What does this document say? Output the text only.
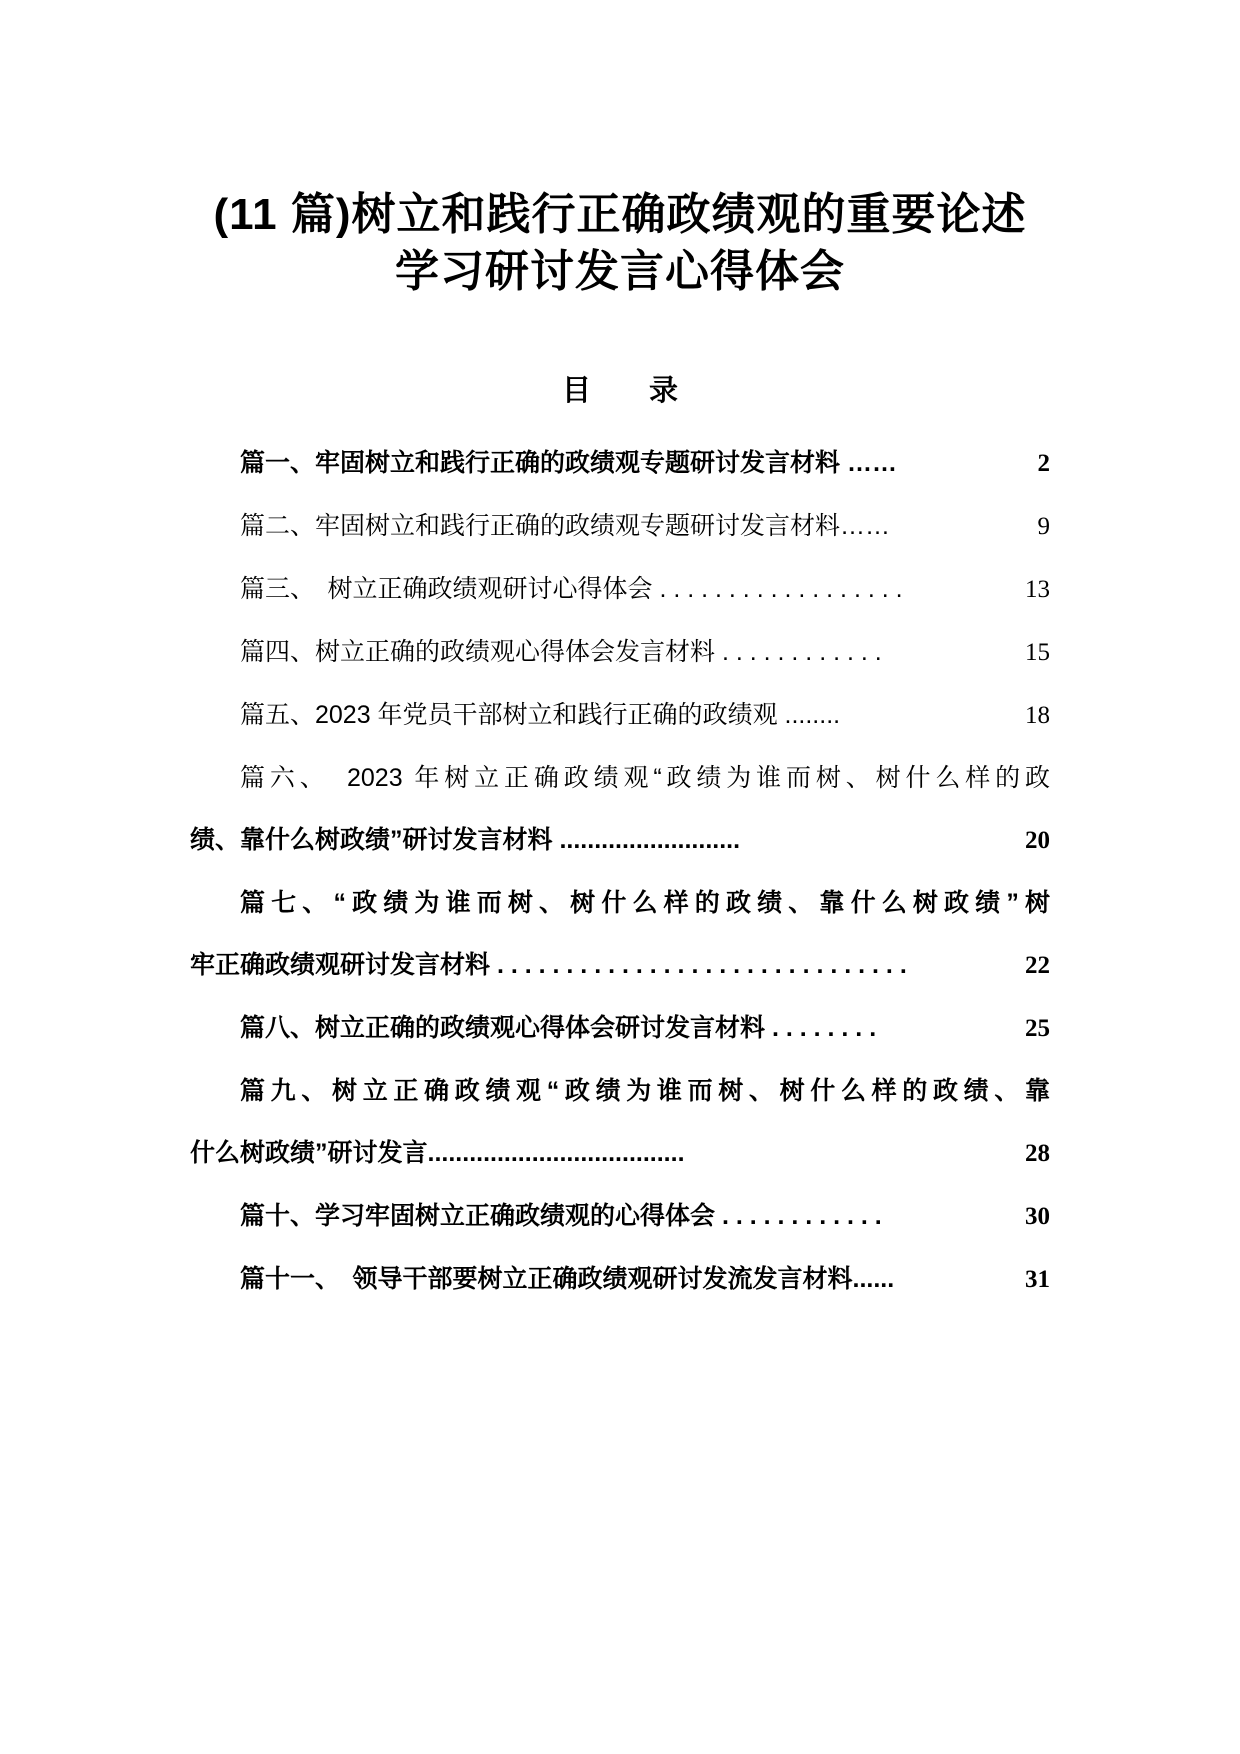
(11 篇)树立和践行正确政绩观的重要论述
学习研讨发言心得体会
目　　录
篇一、牢固树立和践行正确的政绩观专题研讨发言材料 ……	2
篇二、牢固树立和践行正确的政绩观专题研讨发言材料 ……	9
篇三、　树立正确政绩观研讨心得体会 . . . . . . . . . . . . . . . . . .	13
篇四、树立正确的政绩观心得体会发言材料 . . . . . . . . . . . .	15
篇五、2023 年党员干部树立和践行正确的政绩观 ........	18
篇六、　2023 年树立正确政绩观“政绩为谁而树、树什么样的政
绩、靠什么树政绩”研讨发言材料 ..........................	20
篇七、“政绩为谁而树、树什么样的政绩、靠什么树政绩”树
牢正确政绩观研讨发言材料 . . . . . . . . . . . . . . . . . . . . . . . . . . . . . .	22
篇八、树立正确的政绩观心得体会研讨发言材料 . . . . . . . .	25
篇九、树立正确政绩观“政绩为谁而树、树什么样的政绩、靠
什么树政绩”研讨发言 .....................................	28
篇十、学习牢固树立正确政绩观的心得体会 . . . . . . . . . . . .	30
篇十一、　领导干部要树立正确政绩观研讨发流发言材料 ......	31
